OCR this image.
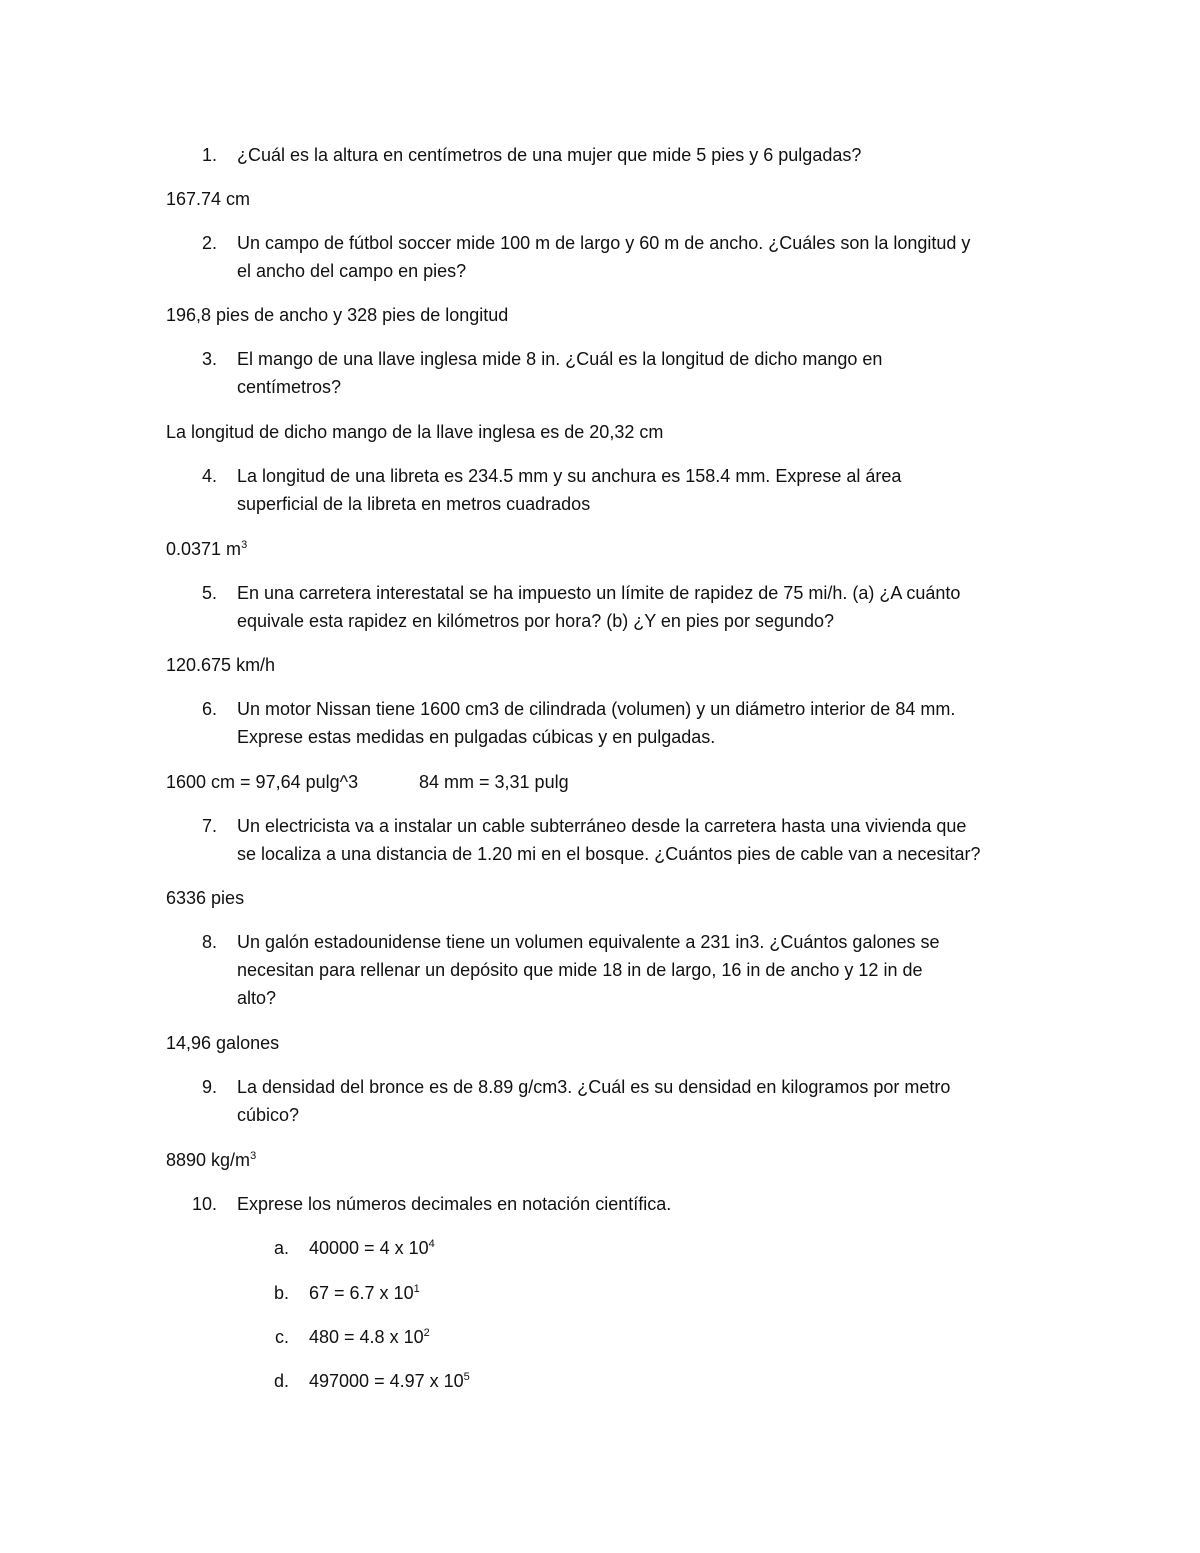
1. ¿Cuál es la altura en centímetros de una mujer que mide 5 pies y 6 pulgadas?
167.74 cm
2. Un campo de fútbol soccer mide 100 m de largo y 60 m de ancho. ¿Cuáles son la longitud y
el ancho del campo en pies?
196,8 pies de ancho y 328 pies de longitud
3. El mango de una llave inglesa mide 8 in. ¿Cuál es la longitud de dicho mango en
centímetros?
La longitud de dicho mango de la llave inglesa es de 20,32 cm
4. La longitud de una libreta es 234.5 mm y su anchura es 158.4 mm. Exprese al área
superficial de la libreta en metros cuadrados
0.0371 $m^3$
5. En una carretera interestatal se ha impuesto un límite de rapidez de 75 mi/h. (a) ¿A cuánto
equivale esta rapidez en kilómetros por hora? (b) ¿Y en pies por segundo?
120.675 km/h
6. Un motor Nissan tiene 1600 cm3 de cilindrada (volumen) y un diámetro interior de 84 mm.
Exprese estas medidas en pulgadas cúbicas y en pulgadas.
1600 cm = 97,64 pulg^3	84 mm = 3,31 pulg
7. Un electricista va a instalar un cable subterráneo desde la carretera hasta una vivienda que
se localiza a una distancia de 1.20 mi en el bosque. ¿Cuántos pies de cable van a necesitar?
6336 pies
8. Un galón estadounidense tiene un volumen equivalente a 231 in3. ¿Cuántos galones se
necesitan para rellenar un depósito que mide 18 in de largo, 16 in de ancho y 12 in de
alto?
14,96 galones
9. La densidad del bronce es de 8.89 g/cm3. ¿Cuál es su densidad en kilogramos por metro
cúbico?
8890 $kg/m^3$
10. Exprese los números decimales en notación científica.
a. 40000 = 4 x $10^4$
b. 67 = 6.7 x $10^1$
c. 480 = 4.8 x $10^2$
d. 497000 = 4.97 x $10^5$
